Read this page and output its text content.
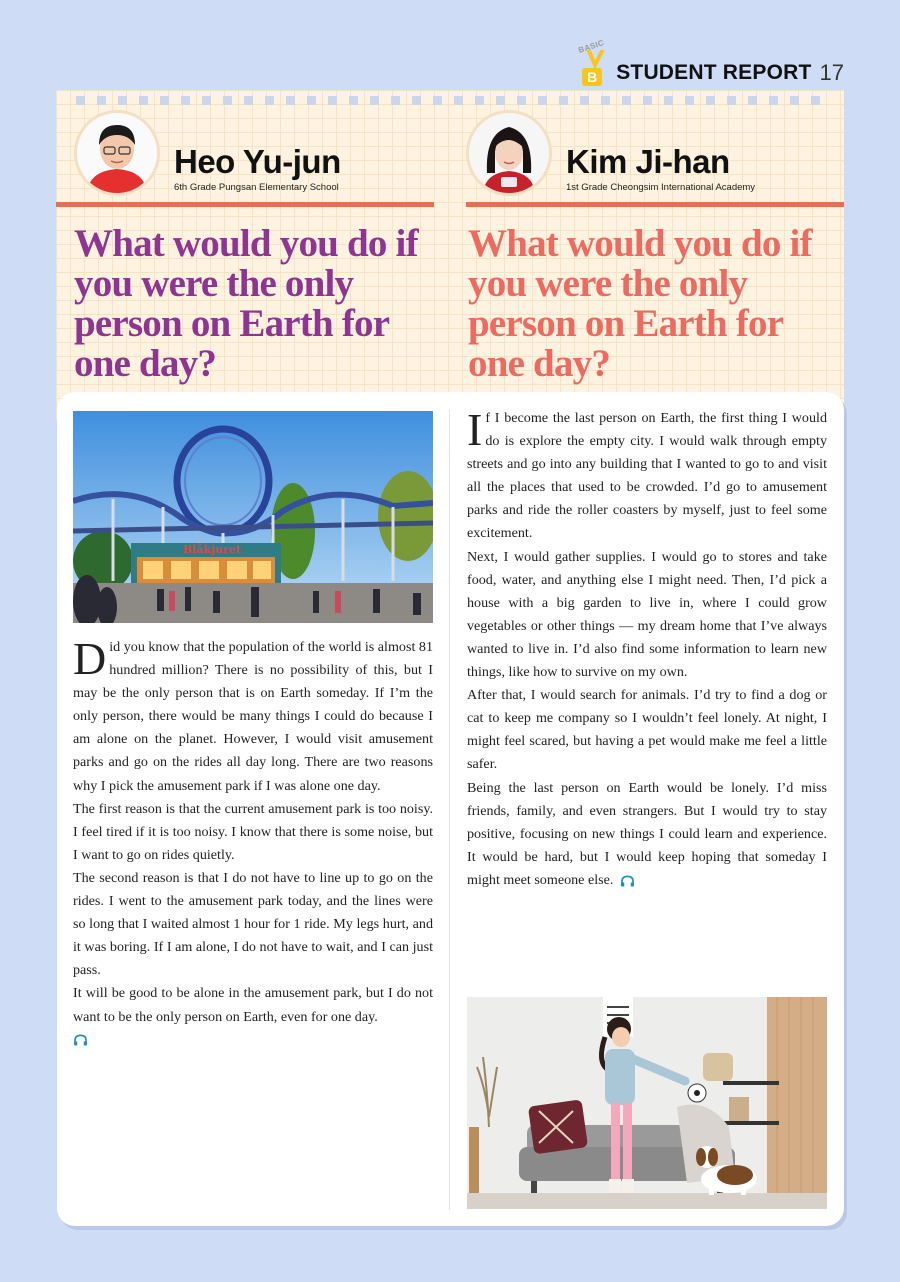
BASIC
B STUDENT REPORT 17
Heo Yu-jun
6th Grade Pungsan Elementary School
Kim Ji-han
1st Grade Cheongsim International Academy
What would you do if you were the only person on Earth for one day?
What would you do if you were the only person on Earth for one day?
Blåkjuret

Did you know that the population of the world is almost 81 hundred million? There is no possibility of this, but I may be the only person that is on Earth someday. If I’m the only person, there would be many things I could do because I am alone on the planet. However, I would visit amusement parks and go on the rides all day long. There are two reasons why I pick the amusement park if I was alone one day.

The first reason is that the current amusement park is too noisy. I feel tired if it is too noisy. I know that there is some noise, but I want to go on rides quietly.

The second reason is that I do not have to line up to go on the rides. I went to the amusement park today, and the lines were so long that I waited almost 1 hour for 1 ride. My legs hurt, and it was boring. If I am alone, I do not have to wait, and I can just pass.

It will be good to be alone in the amusement park, but I do not want to be the only person on Earth, even for one day.

If I become the last person on Earth, the first thing I would do is explore the empty city. I would walk through empty streets and go into any building that I wanted to go to and visit all the places that used to be crowded. I’d go to amusement parks and ride the roller coasters by myself, just to feel some excitement.

Next, I would gather supplies. I would go to stores and take food, water, and anything else I might need. Then, I’d pick a house with a big garden to live in, where I could grow vegetables or other things — my dream home that I’ve always wanted to live in. I’d also find some information to learn new things, like how to survive on my own.

After that, I would search for animals. I’d try to find a dog or cat to keep me company so I wouldn’t feel lonely. At night, I might feel scared, but having a pet would make me feel a little safer.

Being the last person on Earth would be lonely. I’d miss friends, family, and even strangers. But I would try to stay positive, focusing on new things I could learn and experience. It would be hard, but I would keep hoping that someday I might meet someone else.
